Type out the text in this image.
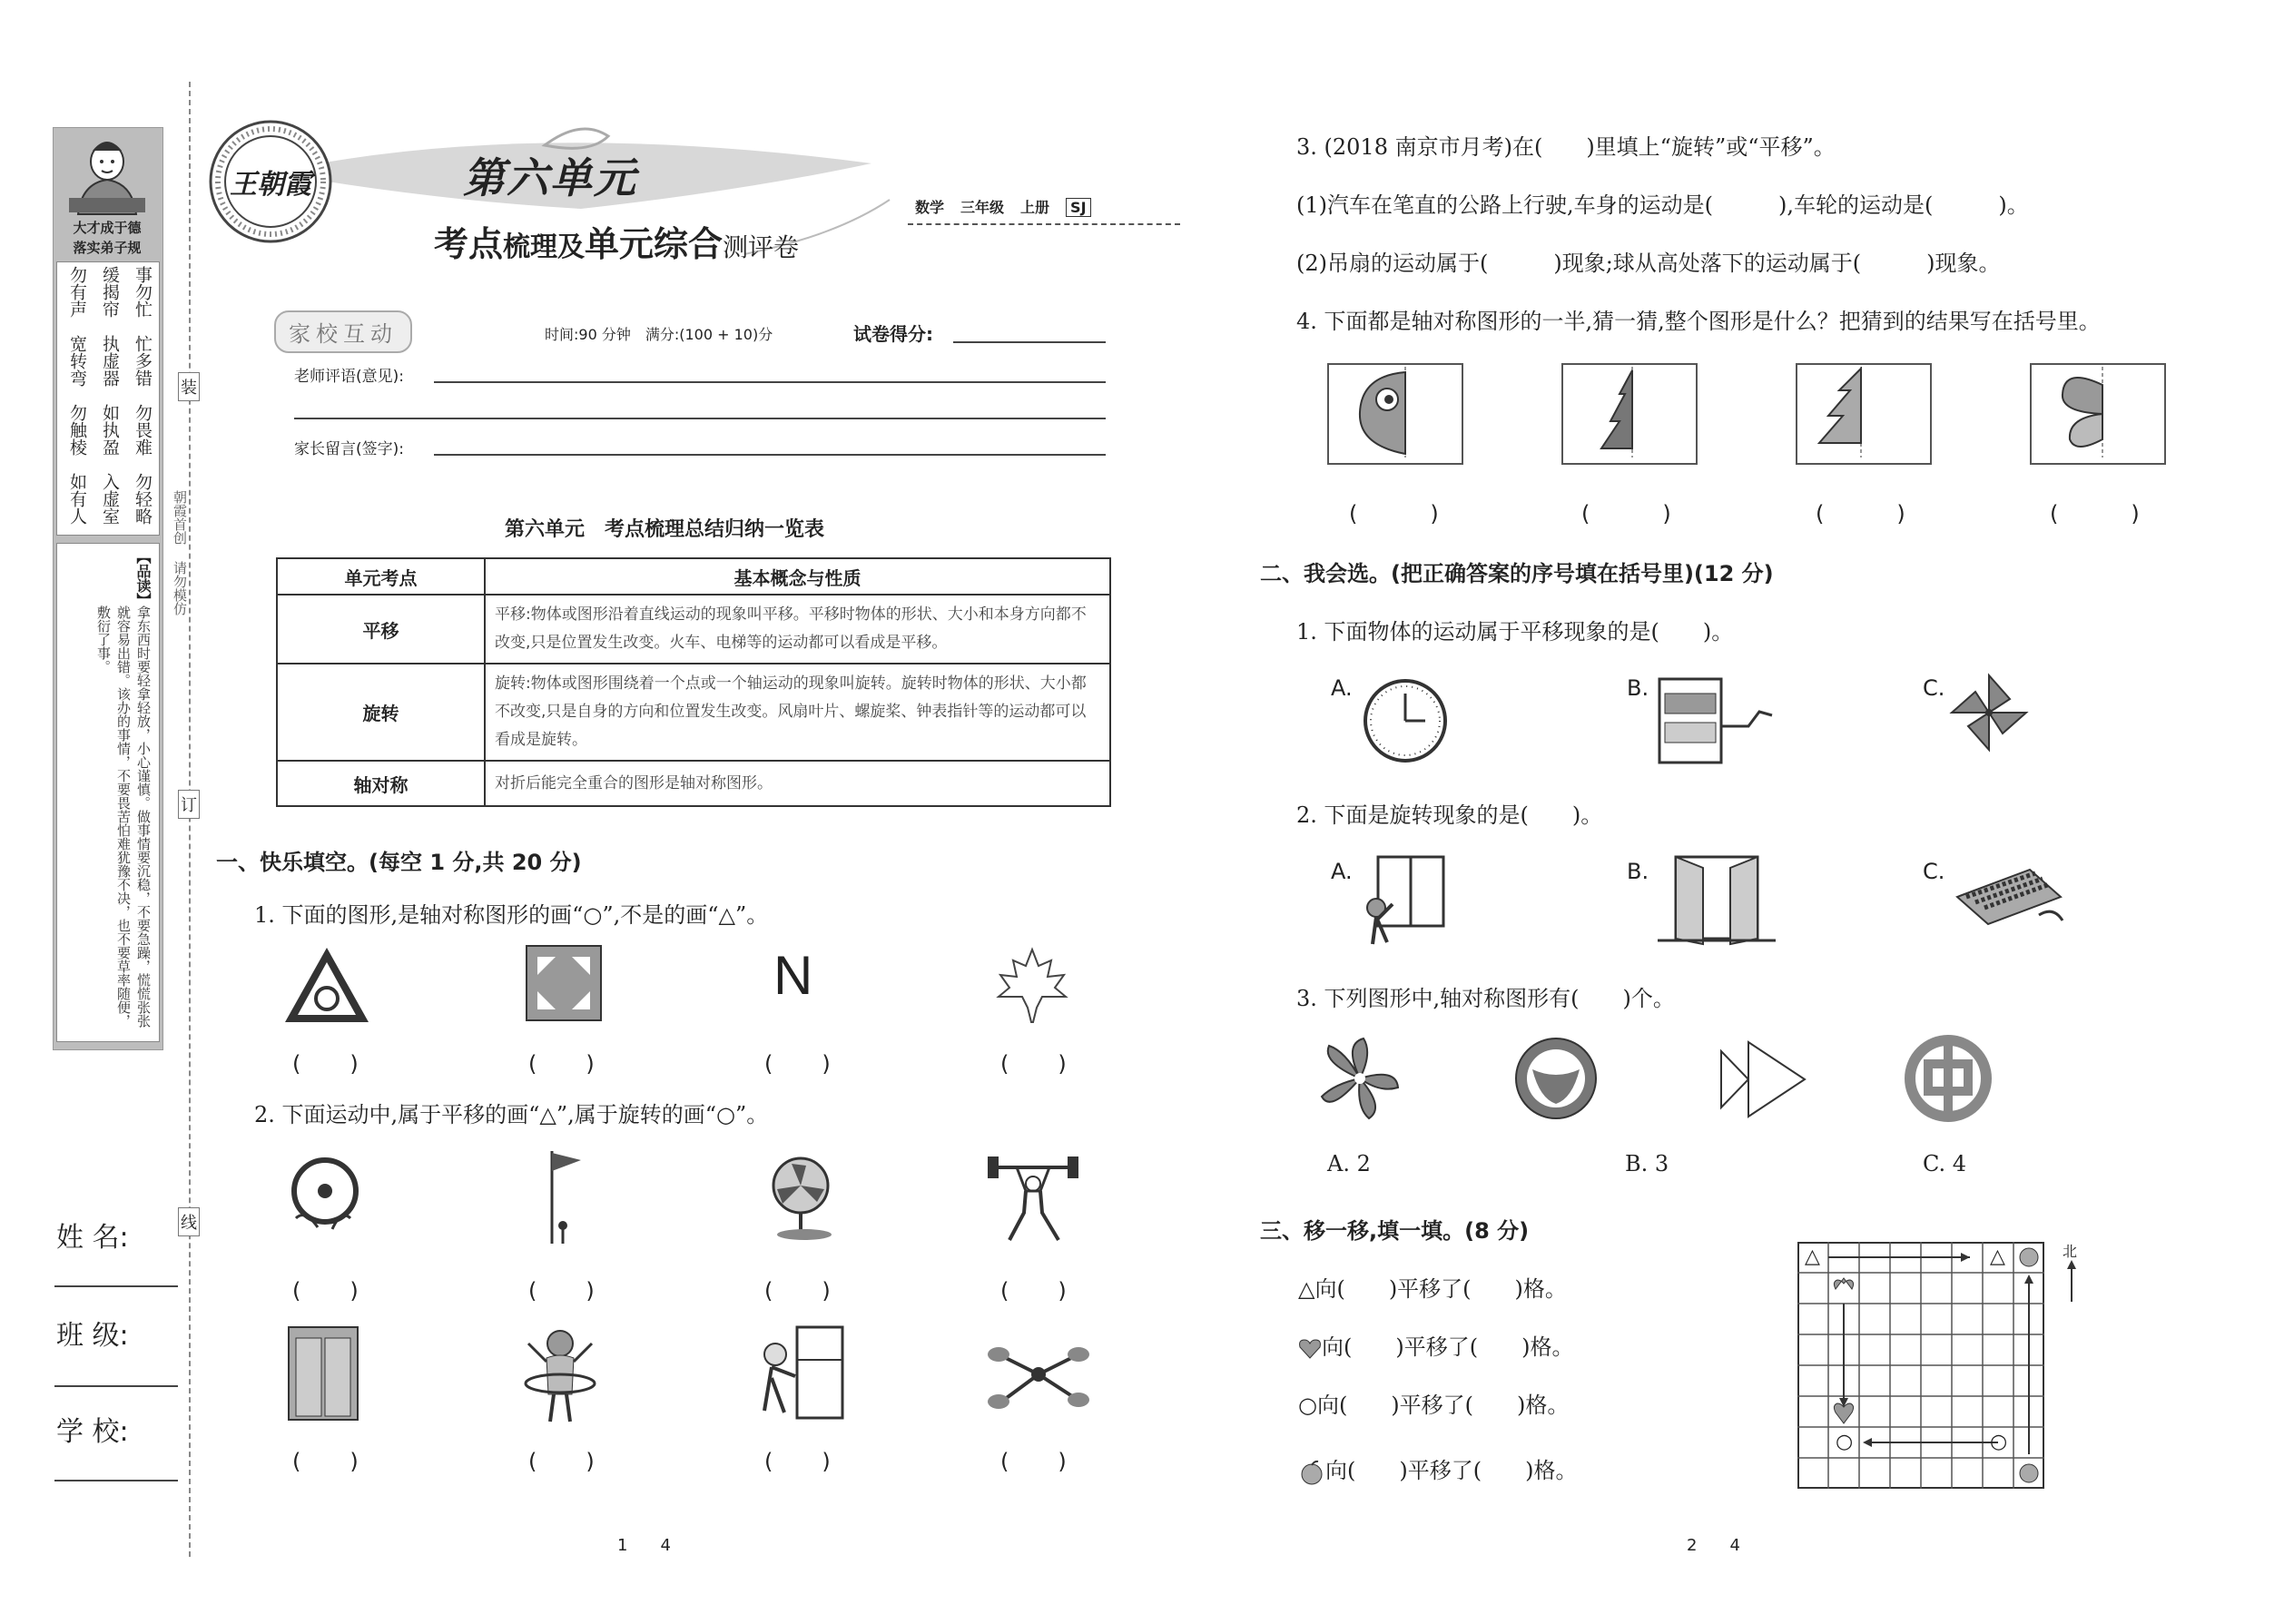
大才成于德
落实弟子规
事勿忙
缓揭帘
勿有声
忙多错
执虚器
宽转弯
勿畏难
如执盈
勿触棱
勿轻略
入虚室
如有人
【品读】
拿东西时要轻拿轻放，小心谨慎。做事情要沉稳，不要急躁，慌慌张张就容易出错。该办的事情，不要畏苦怕难犹豫不决，也不要草率随便，敷衍了事。
装
订
线
朝霞首创 请勿模仿
姓 名:
班 级:
学 校:
王朝霞	第六单元
考点梳理及单元综合测评卷
数学 三年级 上册 SJ
家校互动	时间:90 分钟　满分:(100 + 10)分	试卷得分:
老师评语(意见):
家长留言(签字):
第六单元　考点梳理总结归纳一览表
单元考点	基本概念与性质
平移	平移:物体或图形沿着直线运动的现象叫平移。平移时物体的形状、大小和本身方向都不改变,只是位置发生改变。火车、电梯等的运动都可以看成是平移。
旋转	旋转:物体或图形围绕着一个点或一个轴运动的现象叫旋转。旋转时物体的形状、大小都不改变,只是自身的方向和位置发生改变。风扇叶片、螺旋桨、钟表指针等的运动都可以看成是旋转。
轴对称	对折后能完全重合的图形是轴对称图形。
一、快乐填空。(每空 1 分,共 20 分)
1. 下面的图形,是轴对称图形的画“○”,不是的画“△”。
N
(　　)	(　　)	(　　)	(　　)
2. 下面运动中,属于平移的画“△”,属于旋转的画“○”。
(　　)	(　　)	(　　)	(　　)
(　　)	(　　)	(　　)	(　　)
1　　4
3. (2018 南京市月考)在(　　)里填上“旋转”或“平移”。
(1)汽车在笔直的公路上行驶,车身的运动是(　　　),车轮的运动是(　　　)。
(2)吊扇的运动属于(　　　)现象;球从高处落下的运动属于(　　　)现象。
4. 下面都是轴对称图形的一半,猜一猜,整个图形是什么？把猜到的结果写在括号里。
(　　　)	(　　　)	(　　　)	(　　　)
二、我会选。(把正确答案的序号填在括号里)(12 分)
1. 下面物体的运动属于平移现象的是(　　)。
A.	B.	C.
2. 下面是旋转现象的是(　　)。
A.	B.	C.
3. 下列图形中,轴对称图形有(　　)个。
A. 2	B. 3	C. 4
三、移一移,填一填。(8 分)
△向(　　)平移了(　　)格。
向(　　)平移了(　　)格。
○向(　　)平移了(　　)格。
向(　　)平移了(　　)格。
△	△
○	○
北
2　　4
